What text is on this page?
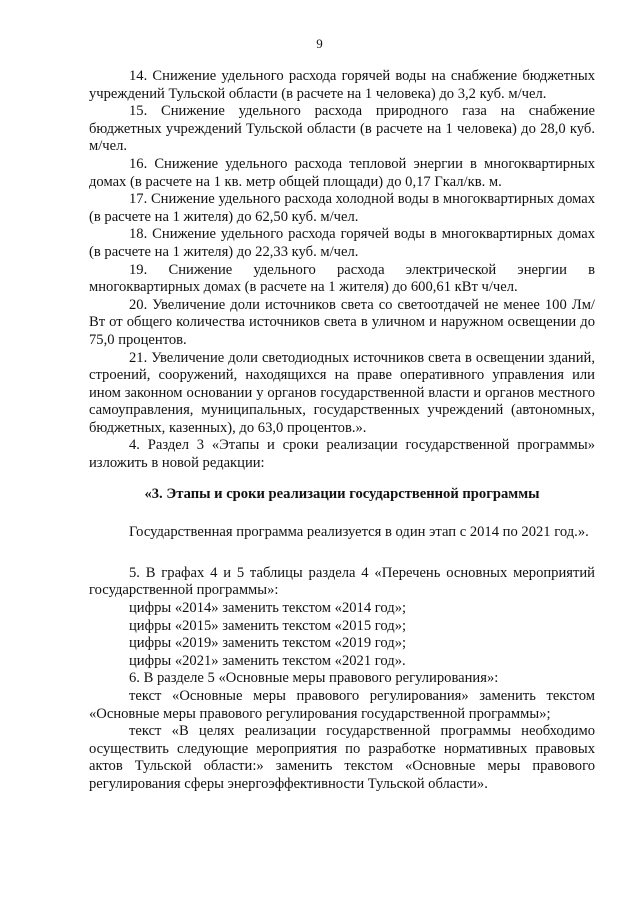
9

14. Снижение удельного расхода горячей воды на снабжение бюджетных учреждений Тульской области (в расчете на 1 человека) до 3,2 куб. м/чел.

15. Снижение удельного расхода природного газа на снабжение бюджетных учреждений Тульской области (в расчете на 1 человека) до 28,0 куб. м/чел.

16. Снижение удельного расхода тепловой энергии в многоквартирных домах (в расчете на 1 кв. метр общей площади) до 0,17 Гкал/кв. м.

17. Снижение удельного расхода холодной воды в многоквартирных домах (в расчете на 1 жителя) до 62,50 куб. м/чел.

18. Снижение удельного расхода горячей воды в многоквартирных домах (в расчете на 1 жителя) до 22,33 куб. м/чел.

19. Снижение удельного расхода электрической энергии в многоквартирных домах (в расчете на 1 жителя) до 600,61 кВт ч/чел.

20. Увеличение доли источников света со светоотдачей не менее 100 Лм/Вт от общего количества источников света в уличном и наружном освещении до 75,0 процентов.

21. Увеличение доли светодиодных источников света в освещении зданий, строений, сооружений, находящихся на праве оперативного управления или ином законном основании у органов государственной власти и органов местного самоуправления, муниципальных, государственных учреждений (автономных, бюджетных, казенных), до 63,0 процентов.».

4. Раздел 3 «Этапы и сроки реализации государственной программы» изложить в новой редакции:

«3. Этапы и сроки реализации государственной программы

Государственная программа реализуется в один этап с 2014 по 2021 год.».

5. В графах 4 и 5 таблицы раздела 4 «Перечень основных мероприятий государственной программы»:

цифры «2014» заменить текстом «2014 год»;

цифры «2015» заменить текстом «2015 год»;

цифры «2019» заменить текстом «2019 год»;

цифры «2021» заменить текстом «2021 год».

6. В разделе 5 «Основные меры правового регулирования»:

текст «Основные меры правового регулирования» заменить текстом «Основные меры правового регулирования государственной программы»;

текст «В целях реализации государственной программы необходимо осуществить следующие мероприятия по разработке нормативных правовых актов Тульской области:» заменить текстом «Основные меры правового регулирования сферы энергоэффективности Тульской области».
